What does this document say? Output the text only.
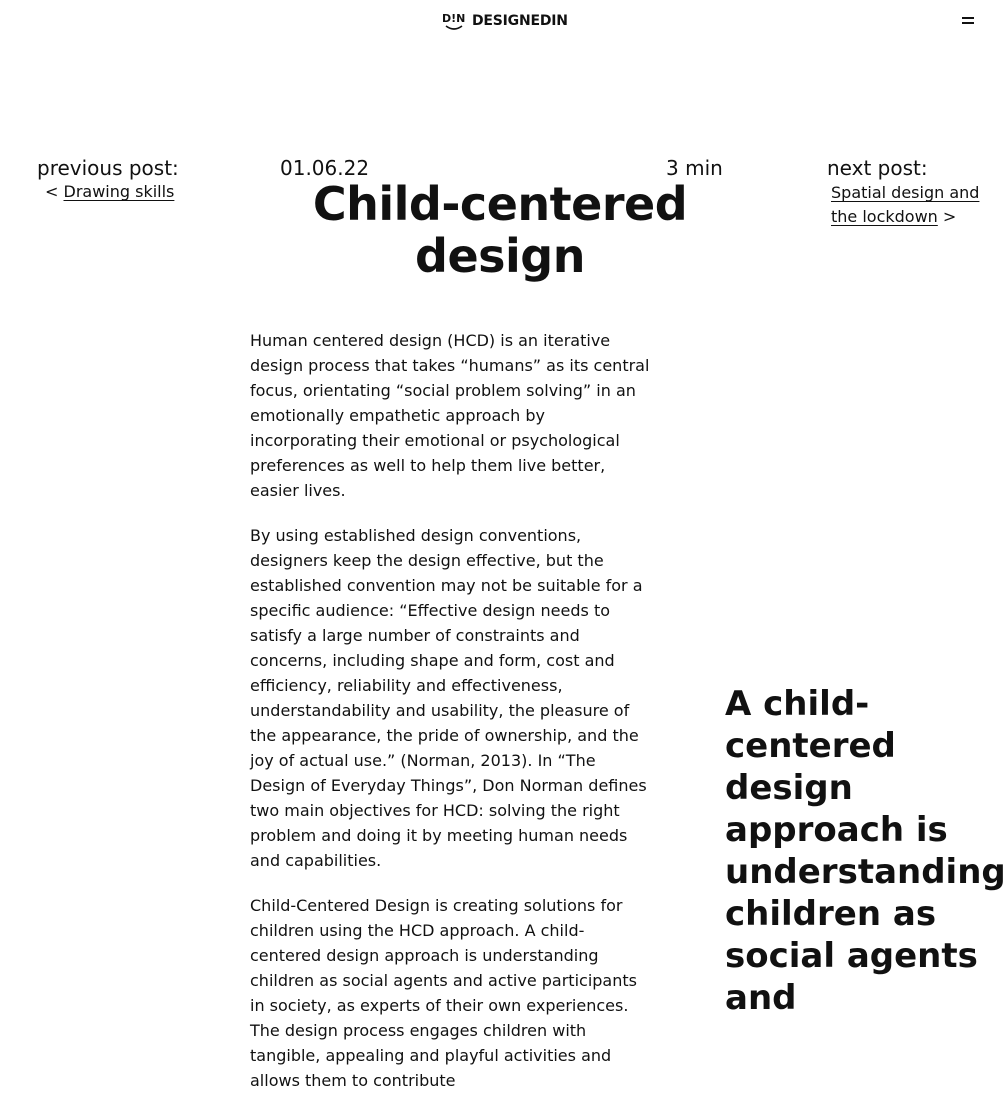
D!N DESIGNEDIN
previous post:
< Drawing skills
01.06.22	3 min	next post:
Spatial design and the lockdown >
Child-centered design

Human centered design (HCD) is an iterative design process that takes “humans” as its central focus, orientating “social problem solving” in an emotionally empathetic approach by incorporating their emotional or psychological preferences as well to help them live better, easier lives.

By using established design conventions, designers keep the design effective, but the established convention may not be suitable for a specific audience: “Effective design needs to satisfy a large number of constraints and concerns, including shape and form, cost and efficiency, reliability and effectiveness, understandability and usability, the pleasure of the appearance, the pride of ownership, and the joy of actual use.” (Norman, 2013). In “The Design of Everyday Things”, Don Norman defines two main objectives for HCD: solving the right problem and doing it by meeting human needs and capabilities.

Child-Centered Design is creating solutions for children using the HCD approach. A child-centered design approach is understanding children as social agents and active participants in society, as experts of their own experiences. The design process engages children with tangible, appealing and playful activities and allows them to contribute

A child-centered design approach is understanding children as social agents and
